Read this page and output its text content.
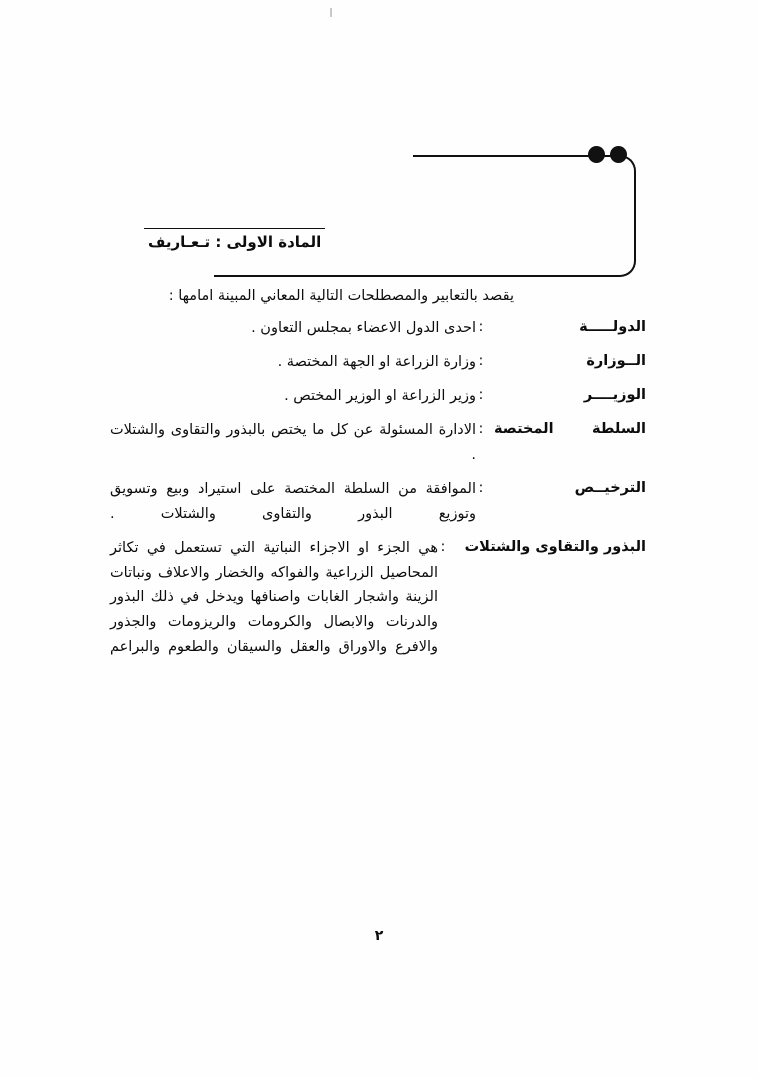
المادة الاولى : تـعـاريف
يقصد بالتعابير والمصطلحات التالية المعاني المبينة امامها :
الدولـــــة
:
احدى الدول الاعضاء بمجلس التعاون .
الــوزارة
:
وزارة الزراعة او الجهة المختصة .
الوزيــــر
:
وزير الزراعة او الوزير المختص .
السلطة المختصة
:
الادارة المسئولة عن كل ما يختص بالبذور والتقاوى والشتلات .
الترخيــص
:
الموافقة من السلطة المختصة على استيراد وبيع وتسويق وتوزيع البذور والتقاوى والشتلات .
البذور والتقاوى والشتلات
:
هي الجزء او الاجزاء النباتية التي تستعمل في تكاثر المحاصيل الزراعية والفواكه والخضار والاعلاف ونباتات الزينة واشجار الغابات واصنافها ويدخل في ذلك البذور والدرنات والابصال والكرومات والريزومات والجذور والافرع والاوراق والعقل والسيقان والطعوم والبراعم
٢
